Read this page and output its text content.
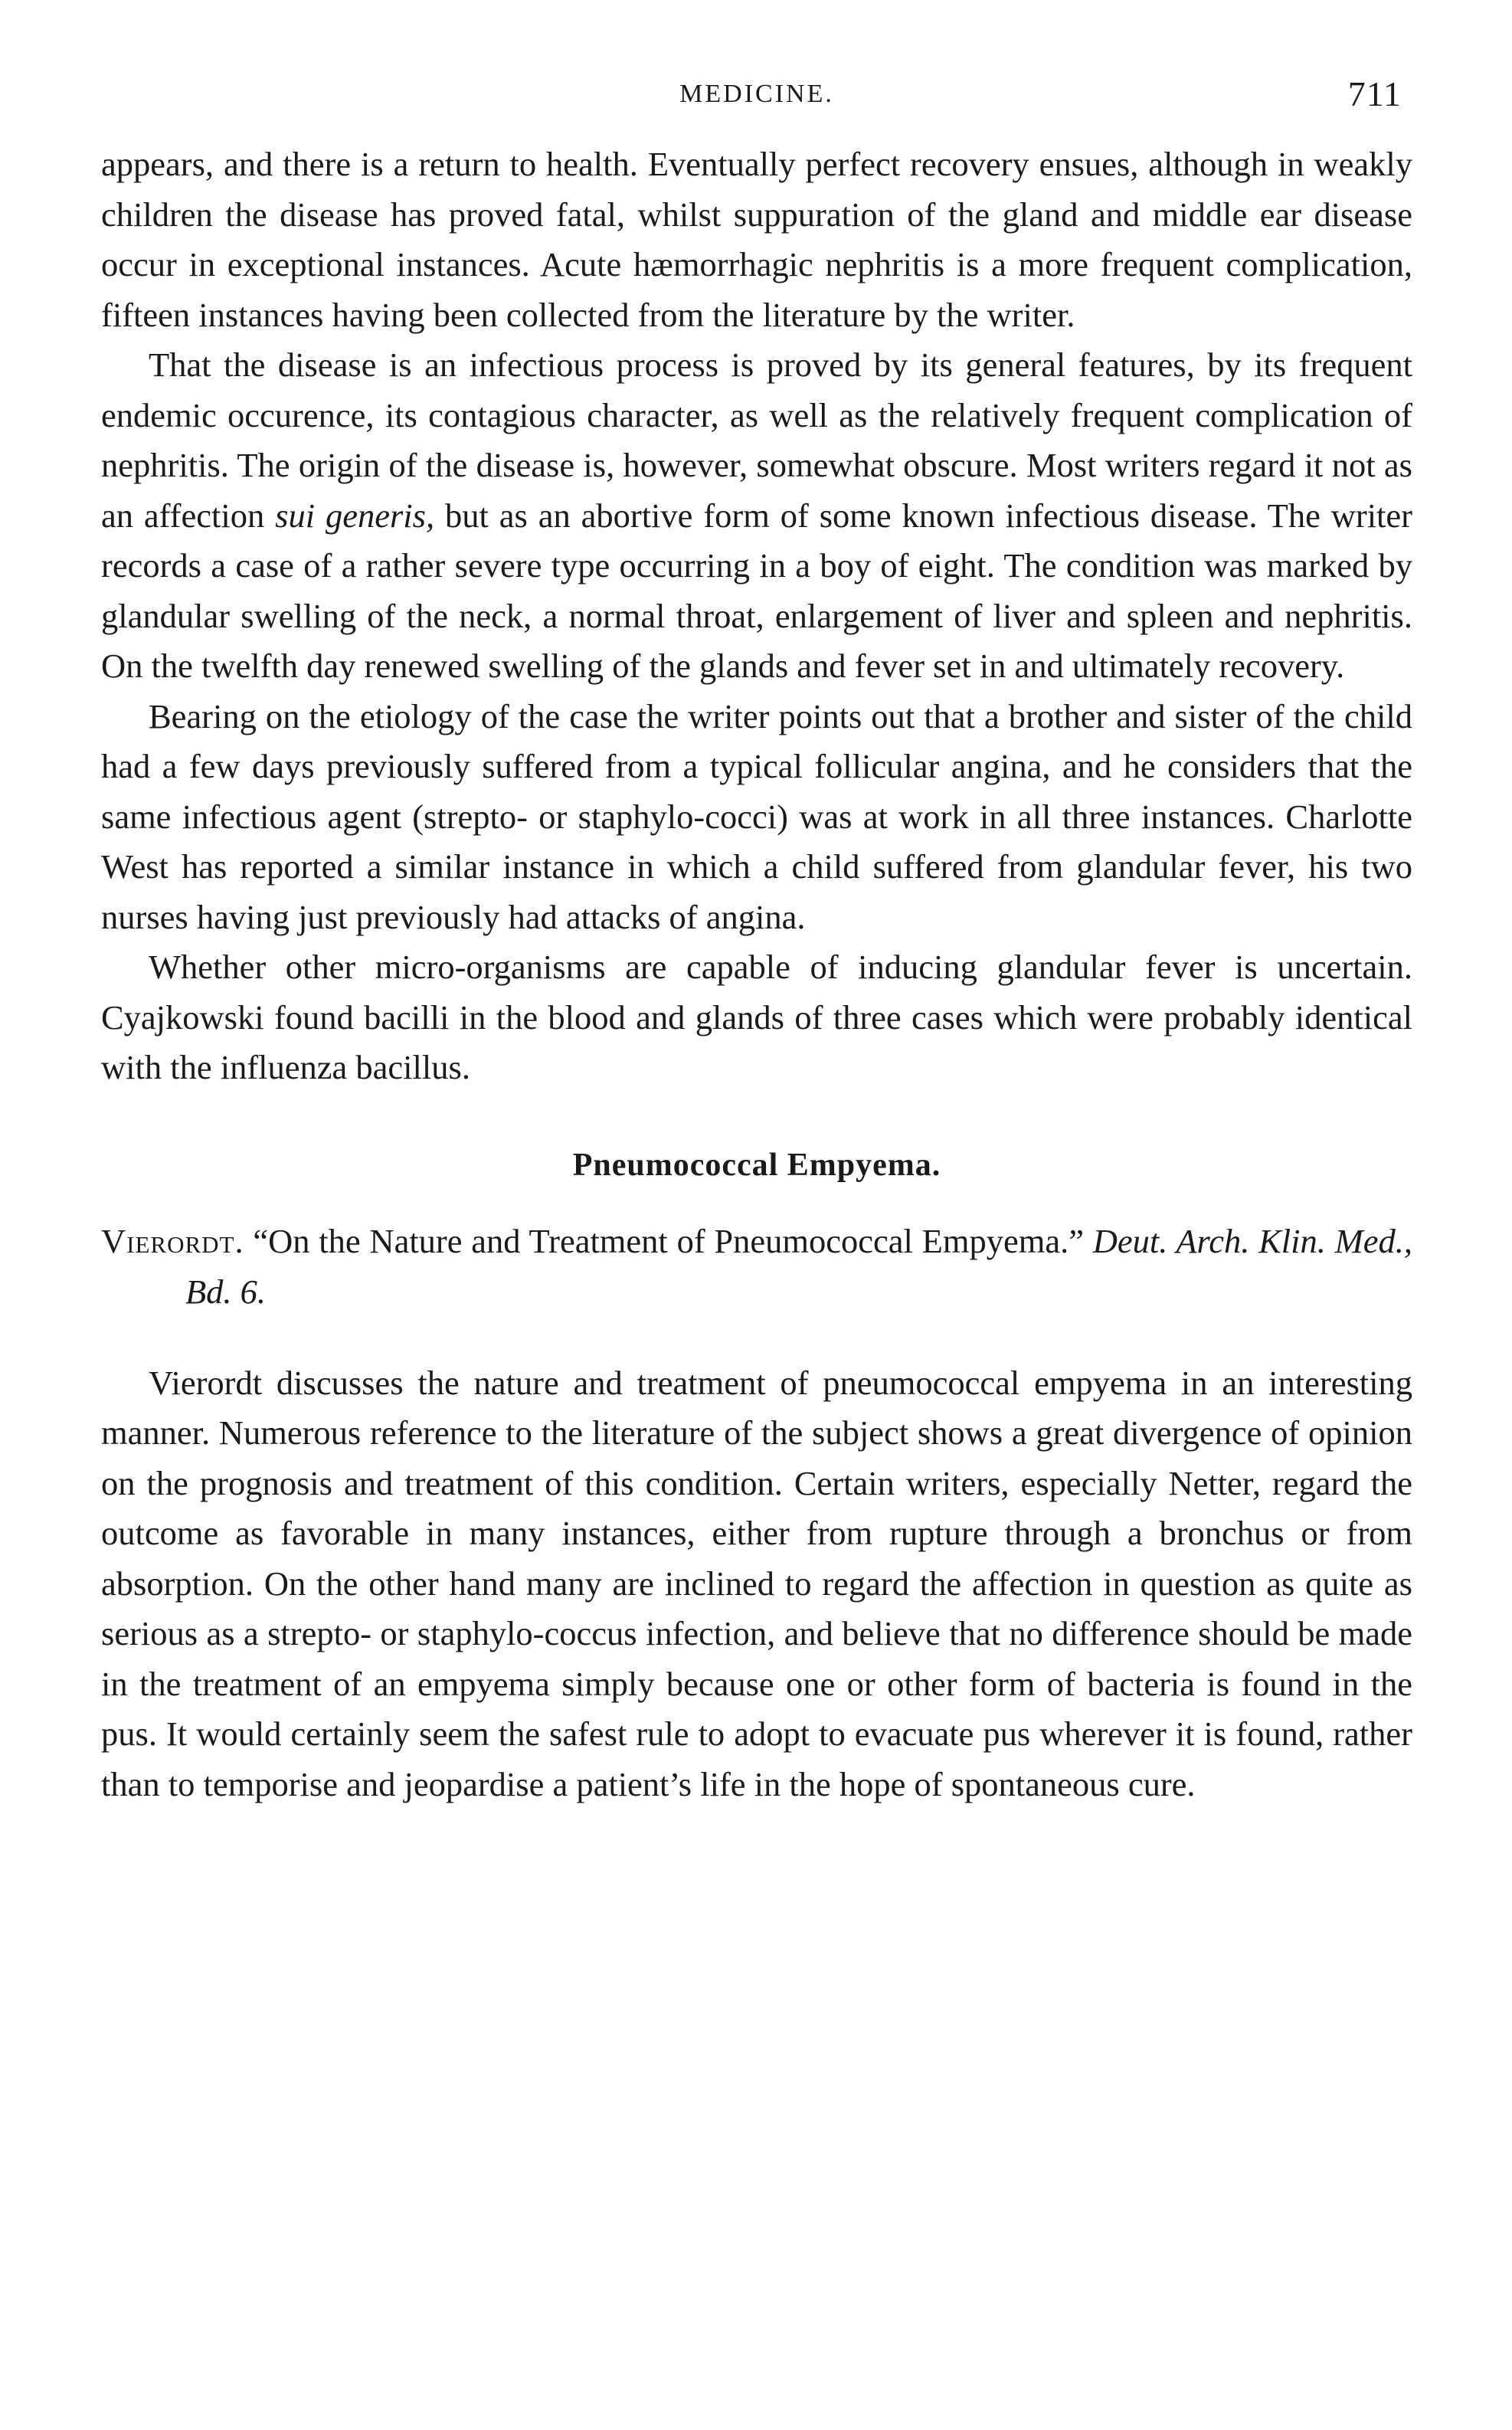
MEDICINE.	711

appears, and there is a return to health. Eventually perfect recovery ensues, although in weakly children the disease has proved fatal, whilst suppuration of the gland and middle ear disease occur in exceptional instances. Acute hæmorrhagic nephritis is a more frequent complication, fifteen instances having been collected from the literature by the writer.

That the disease is an infectious process is proved by its general features, by its frequent endemic occurence, its contagious character, as well as the relatively frequent complication of nephritis. The origin of the disease is, however, somewhat obscure. Most writers regard it not as an affection sui generis, but as an abortive form of some known infectious disease. The writer records a case of a rather severe type occurring in a boy of eight. The condition was marked by glandular swelling of the neck, a normal throat, enlargement of liver and spleen and nephritis. On the twelfth day renewed swelling of the glands and fever set in and ultimately recovery.

Bearing on the etiology of the case the writer points out that a brother and sister of the child had a few days previously suffered from a typical follicular angina, and he considers that the same infectious agent (strepto- or staphylo-cocci) was at work in all three instances. Charlotte West has reported a similar instance in which a child suffered from glandular fever, his two nurses having just previously had attacks of angina.

Whether other micro-organisms are capable of inducing glandular fever is uncertain. Cyajkowski found bacilli in the blood and glands of three cases which were probably identical with the influenza bacillus.

Pneumococcal Empyema.
Vierordt. “On the Nature and Treatment of Pneumococcal Empyema.” Deut. Arch. Klin. Med., Bd. 6.

Vierordt discusses the nature and treatment of pneumococcal empyema in an interesting manner. Numerous reference to the literature of the subject shows a great divergence of opinion on the prognosis and treatment of this condition. Certain writers, especially Netter, regard the outcome as favorable in many instances, either from rupture through a bronchus or from absorption. On the other hand many are inclined to regard the affection in question as quite as serious as a strepto- or staphylo-coccus infection, and believe that no difference should be made in the treatment of an empyema simply because one or other form of bacteria is found in the pus. It would certainly seem the safest rule to adopt to evacuate pus wherever it is found, rather than to temporise and jeopardise a patient’s life in the hope of spontaneous cure.
